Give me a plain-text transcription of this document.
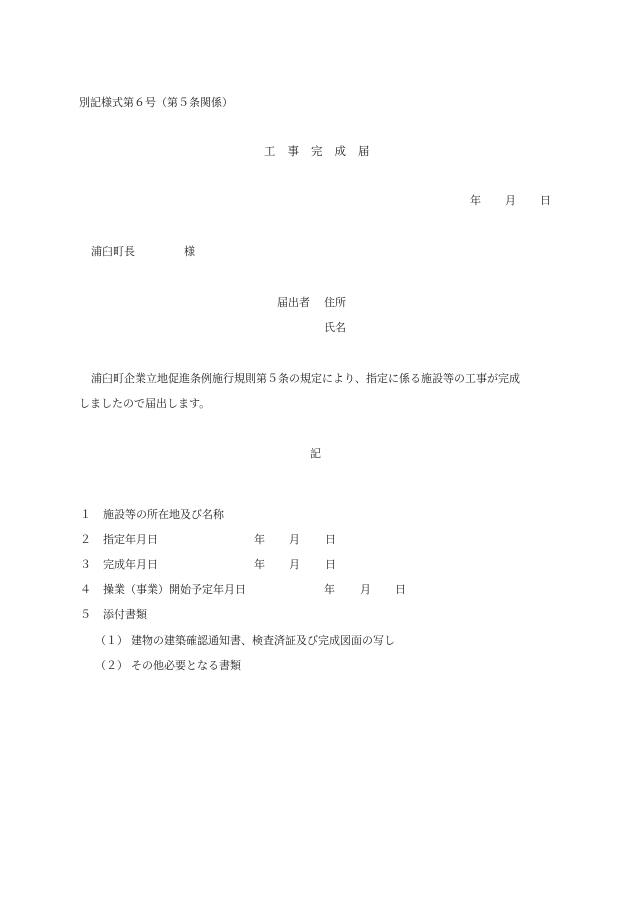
別記様式第６号（第５条関係）
工事完成届
年 月 日
浦臼町長	様
届出者 住所
氏名
浦臼町企業立地促進条例施行規則第５条の規定により、指定に係る施設等の工事が完成
しましたので届出します。
記
１ 施設等の所在地及び名称
２ 指定年月日	年 月 日
３ 完成年月日	年 月 日
４ 操業（事業）開始予定年月日	年 月 日
５ 添付書類
（１） 建物の建築確認通知書、検査済証及び完成図面の写し
（２） その他必要となる書類
